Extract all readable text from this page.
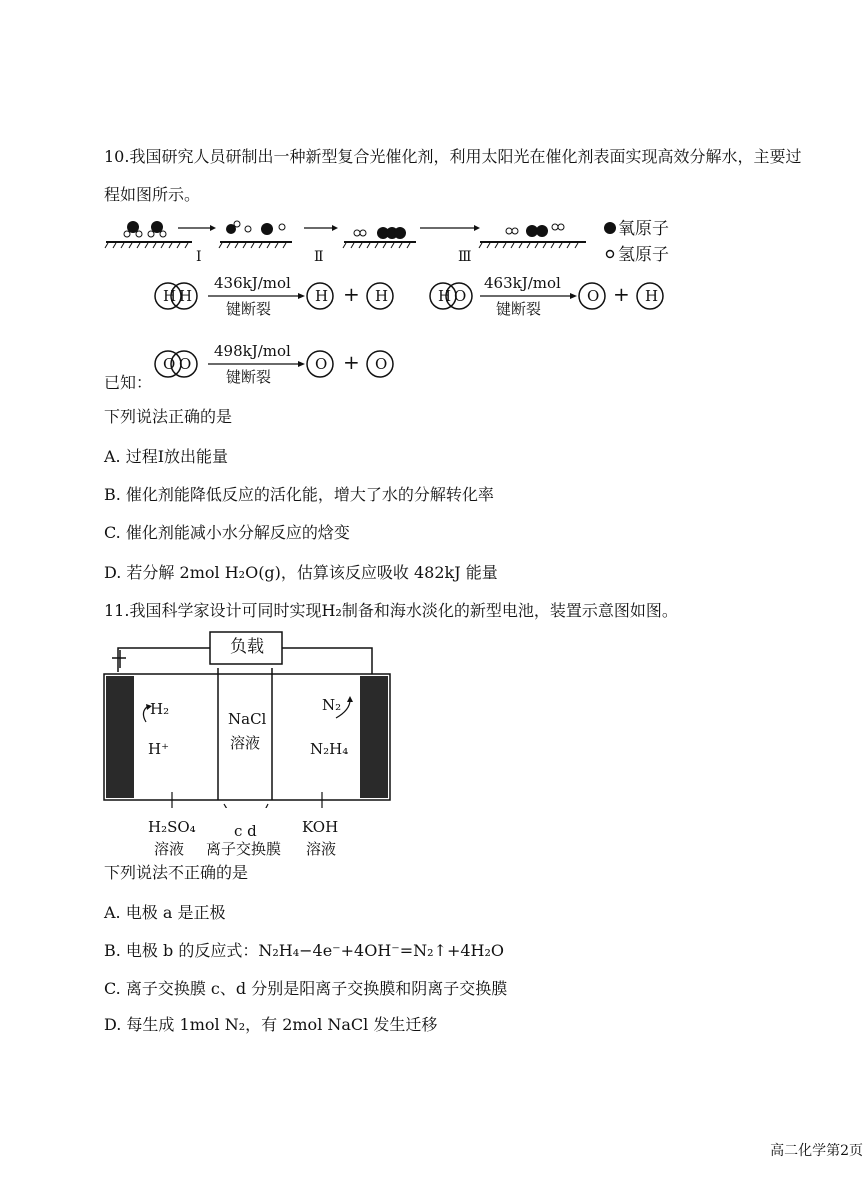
10.我国研究人员研制出一种新型复合光催化剂，利用太阳光在催化剂表面实现高效分解水，主要过
程如图所示。
氧原子
氢原子
Ⅰ	Ⅱ	Ⅲ
H H
436kJ/mol
键断裂
H + H	H O
463kJ/mol
键断裂
O + H
已知：
O O
498kJ/mol
键断裂
O + O
下列说法正确的是
A. 过程Ⅰ放出能量
B. 催化剂能降低反应的活化能，增大了水的分解转化率
C. 催化剂能减小水分解反应的焓变
D. 若分解 2mol H₂O(g)，估算该反应吸收 482kJ 能量
11.我国科学家设计可同时实现H₂制备和海水淡化的新型电池，装置示意图如图。
负载
H₂
H⁺
NaCl
溶液
N₂
N₂H₄
H₂SO₄
溶液
c d
离子交换膜
KOH
溶液
下列说法不正确的是
A. 电极 a 是正极
B. 电极 b 的反应式：N₂H₄−4e⁻+4OH⁻=N₂↑+4H₂O
C. 离子交换膜 c、d 分别是阳离子交换膜和阴离子交换膜
D. 每生成 1mol N₂，有 2mol NaCl 发生迁移
高二化学第2页
